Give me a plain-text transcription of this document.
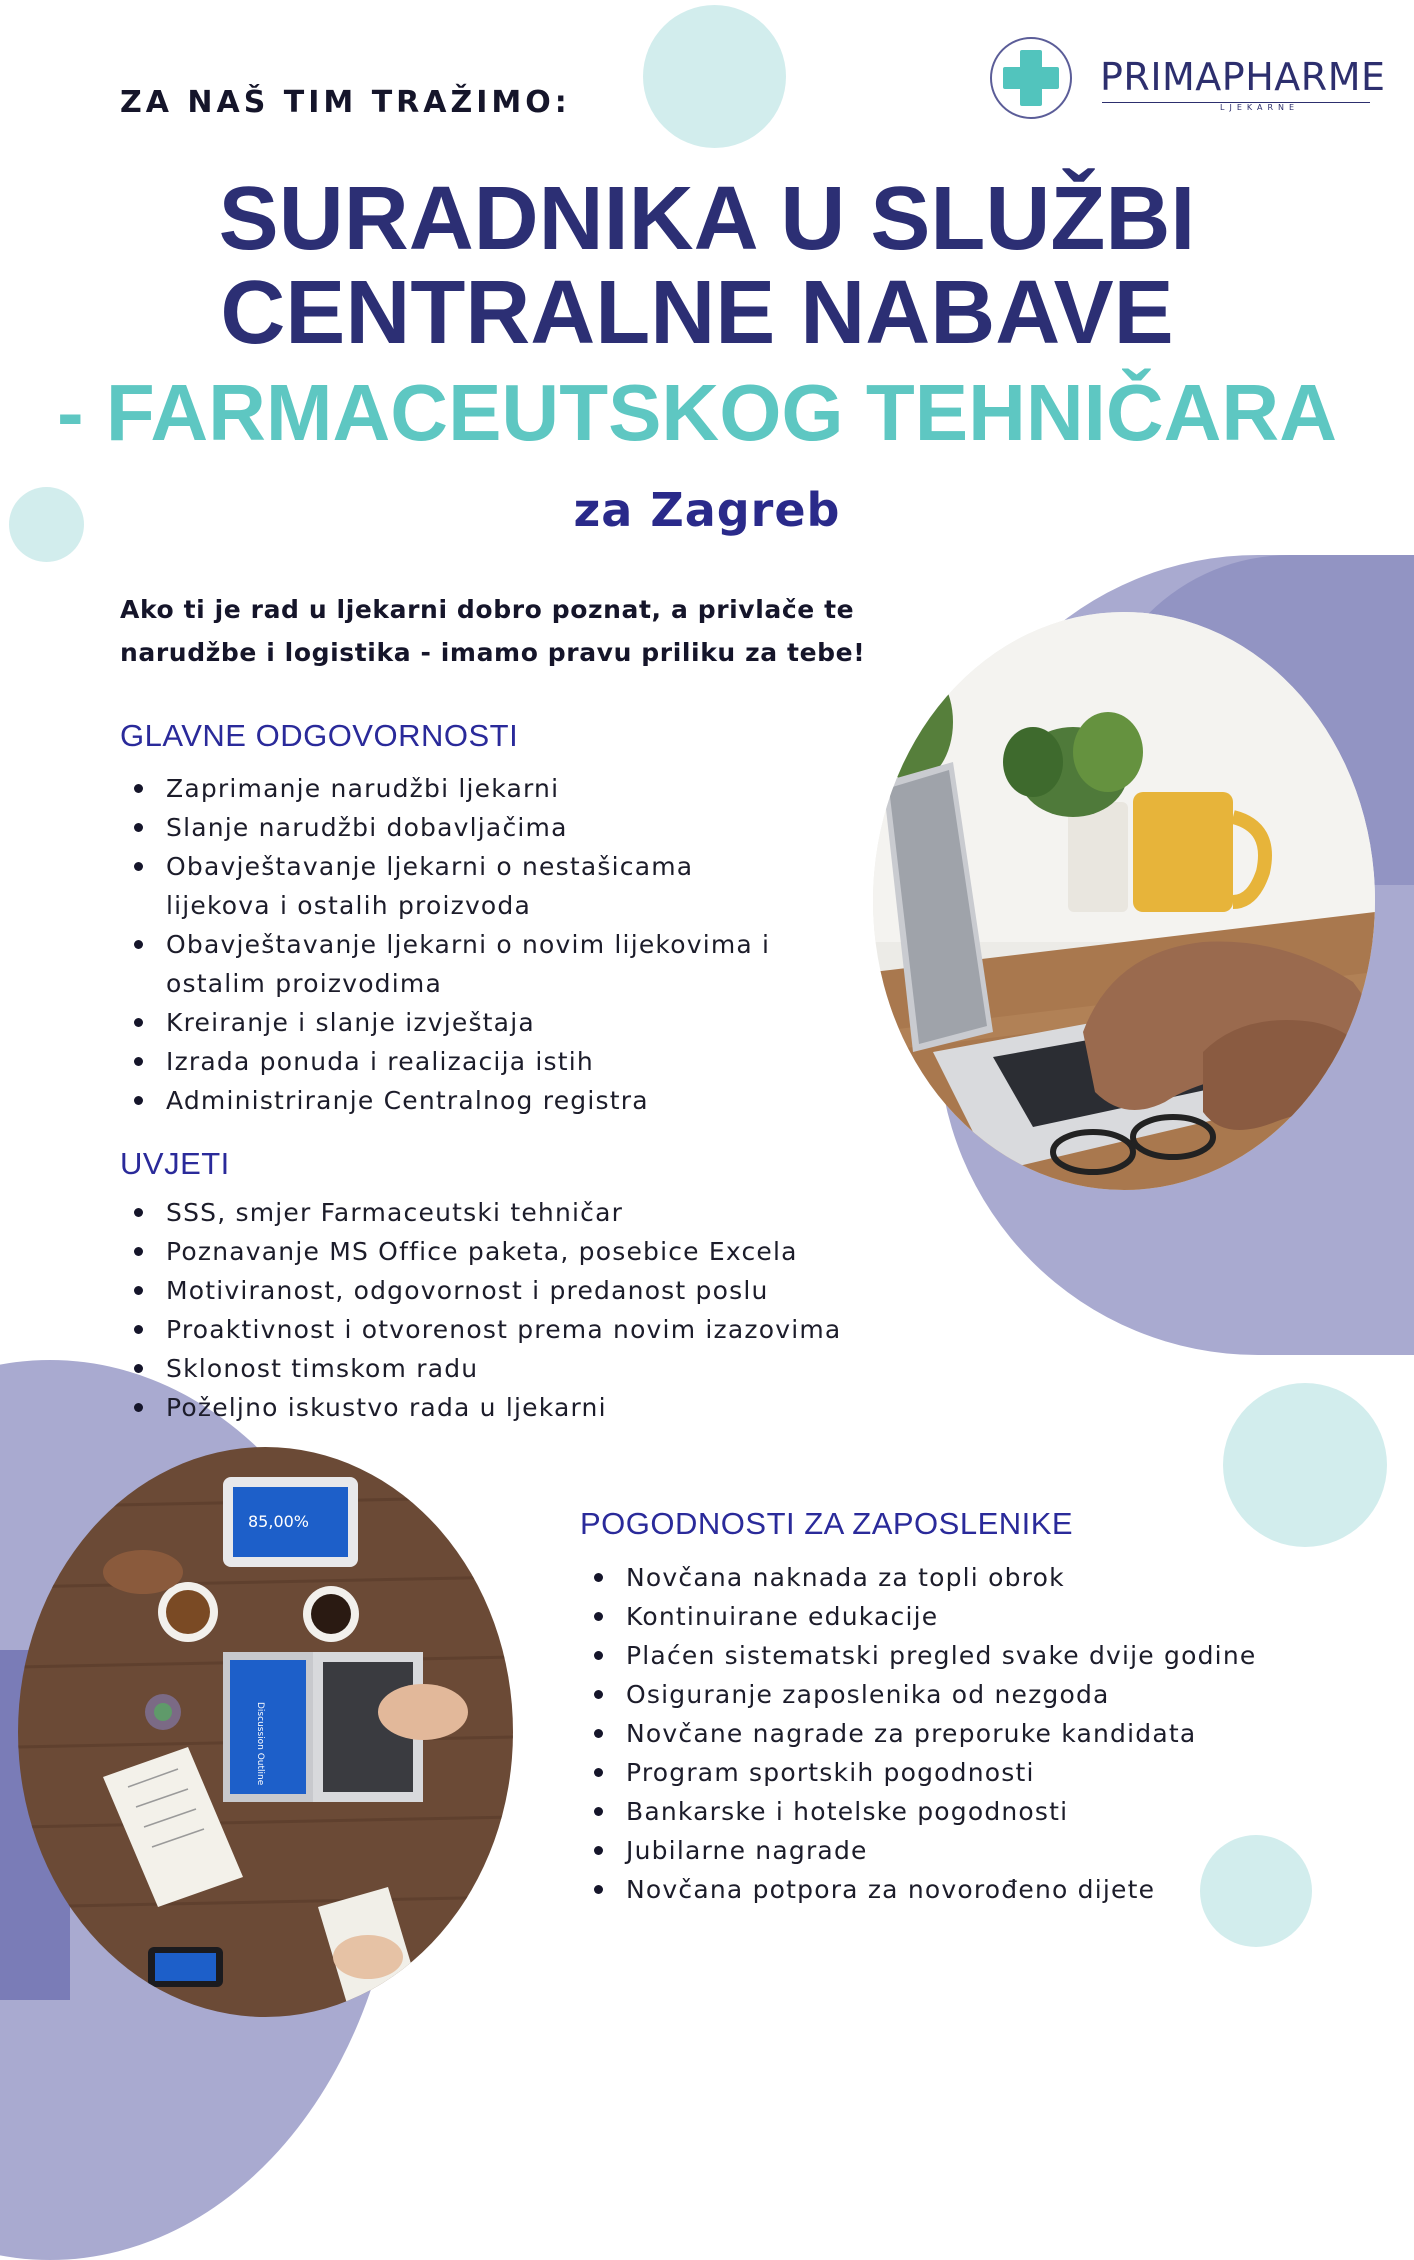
PRIMAPHARME
LJEKARNE
ZA NAŠ TIM TRAŽIMO:
SURADNIKA U SLUŽBI
CENTRALNE NABAVE
- FARMACEUTSKOG TEHNIČARA
za Zagreb
Ako ti je rad u ljekarni dobro poznat, a privlače te
narudžbe i logistika - imamo pravu priliku za tebe!
GLAVNE ODGOVORNOSTI
Zaprimanje narudžbi ljekarni
Slanje narudžbi dobavljačima
Obavještavanje ljekarni o nestašicama lijekova i ostalih proizvoda
Obavještavanje ljekarni o novim lijekovima i ostalim proizvodima
Kreiranje i slanje izvještaja
Izrada ponuda i realizacija istih
Administriranje Centralnog registra
UVJETI
SSS, smjer Farmaceutski tehničar
Poznavanje MS Office paketa, posebice Excela
Motiviranost, odgovornost i predanost poslu
Proaktivnost i otvorenost prema novim izazovima
Sklonost timskom radu
Poželjno iskustvo rada u ljekarni
POGODNOSTI ZA ZAPOSLENIKE
Novčana naknada za topli obrok
Kontinuirane edukacije
Plaćen sistematski pregled svake dvije godine
Osiguranje zaposlenika od nezgoda
Novčane nagrade za preporuke kandidata
Program sportskih pogodnosti
Bankarske i hotelske pogodnosti
Jubilarne nagrade
Novčana potpora za novorođeno dijete
85,00%
Discussion Outline
